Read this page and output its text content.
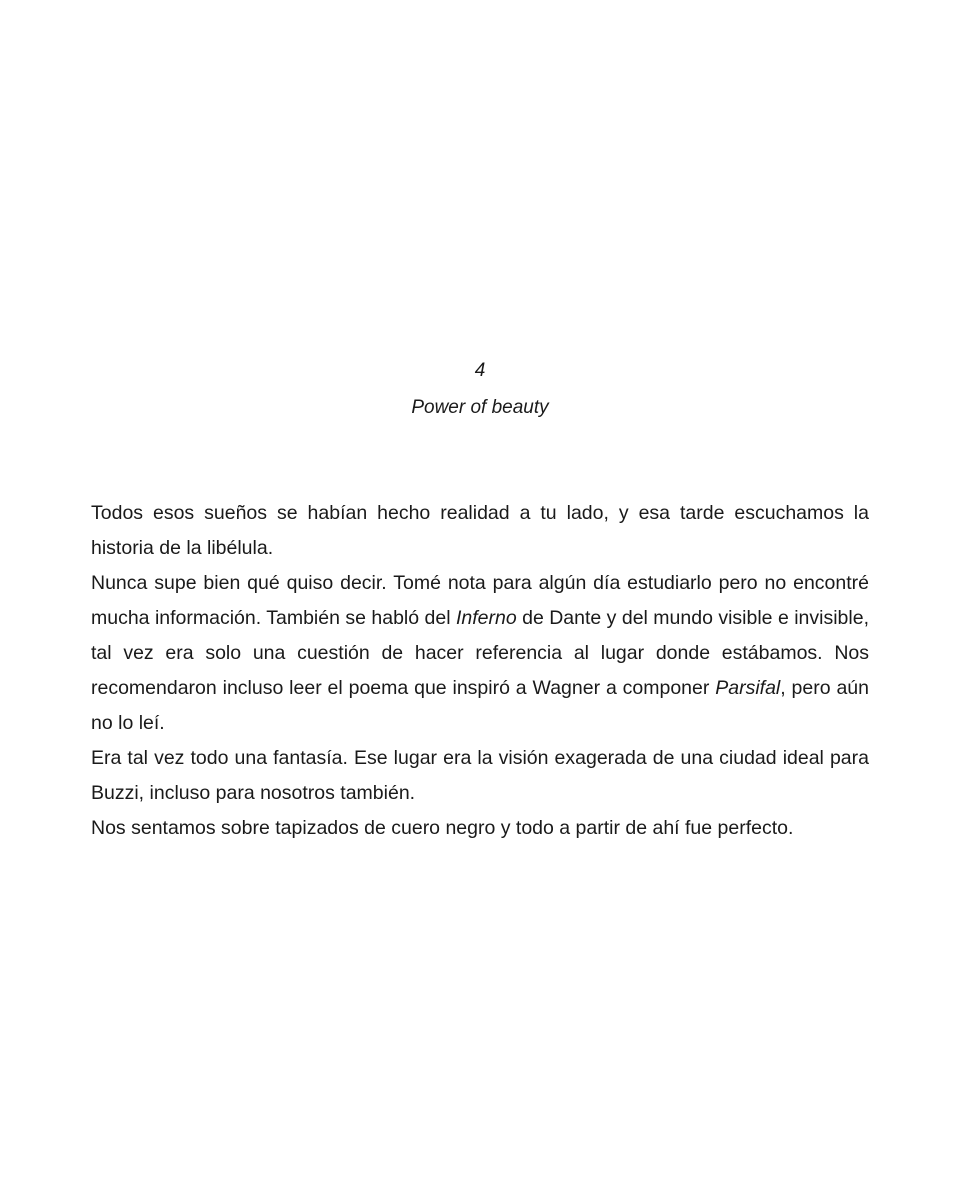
4
Power of beauty

Todos esos sueños se habían hecho realidad a tu lado, y esa tarde escuchamos la historia de la libélula.

Nunca supe bien qué quiso decir. Tomé nota para algún día estudiarlo pero no encontré mucha información. También se habló del Inferno de Dante y del mundo visible e invisible, tal vez era solo una cuestión de hacer referencia al lugar donde estábamos. Nos recomendaron incluso leer el poema que inspiró a Wagner a componer Parsifal, pero aún no lo leí.

Era tal vez todo una fantasía. Ese lugar era la visión exagerada de una ciudad ideal para Buzzi, incluso para nosotros también.

Nos sentamos sobre tapizados de cuero negro y todo a partir de ahí fue perfecto.
